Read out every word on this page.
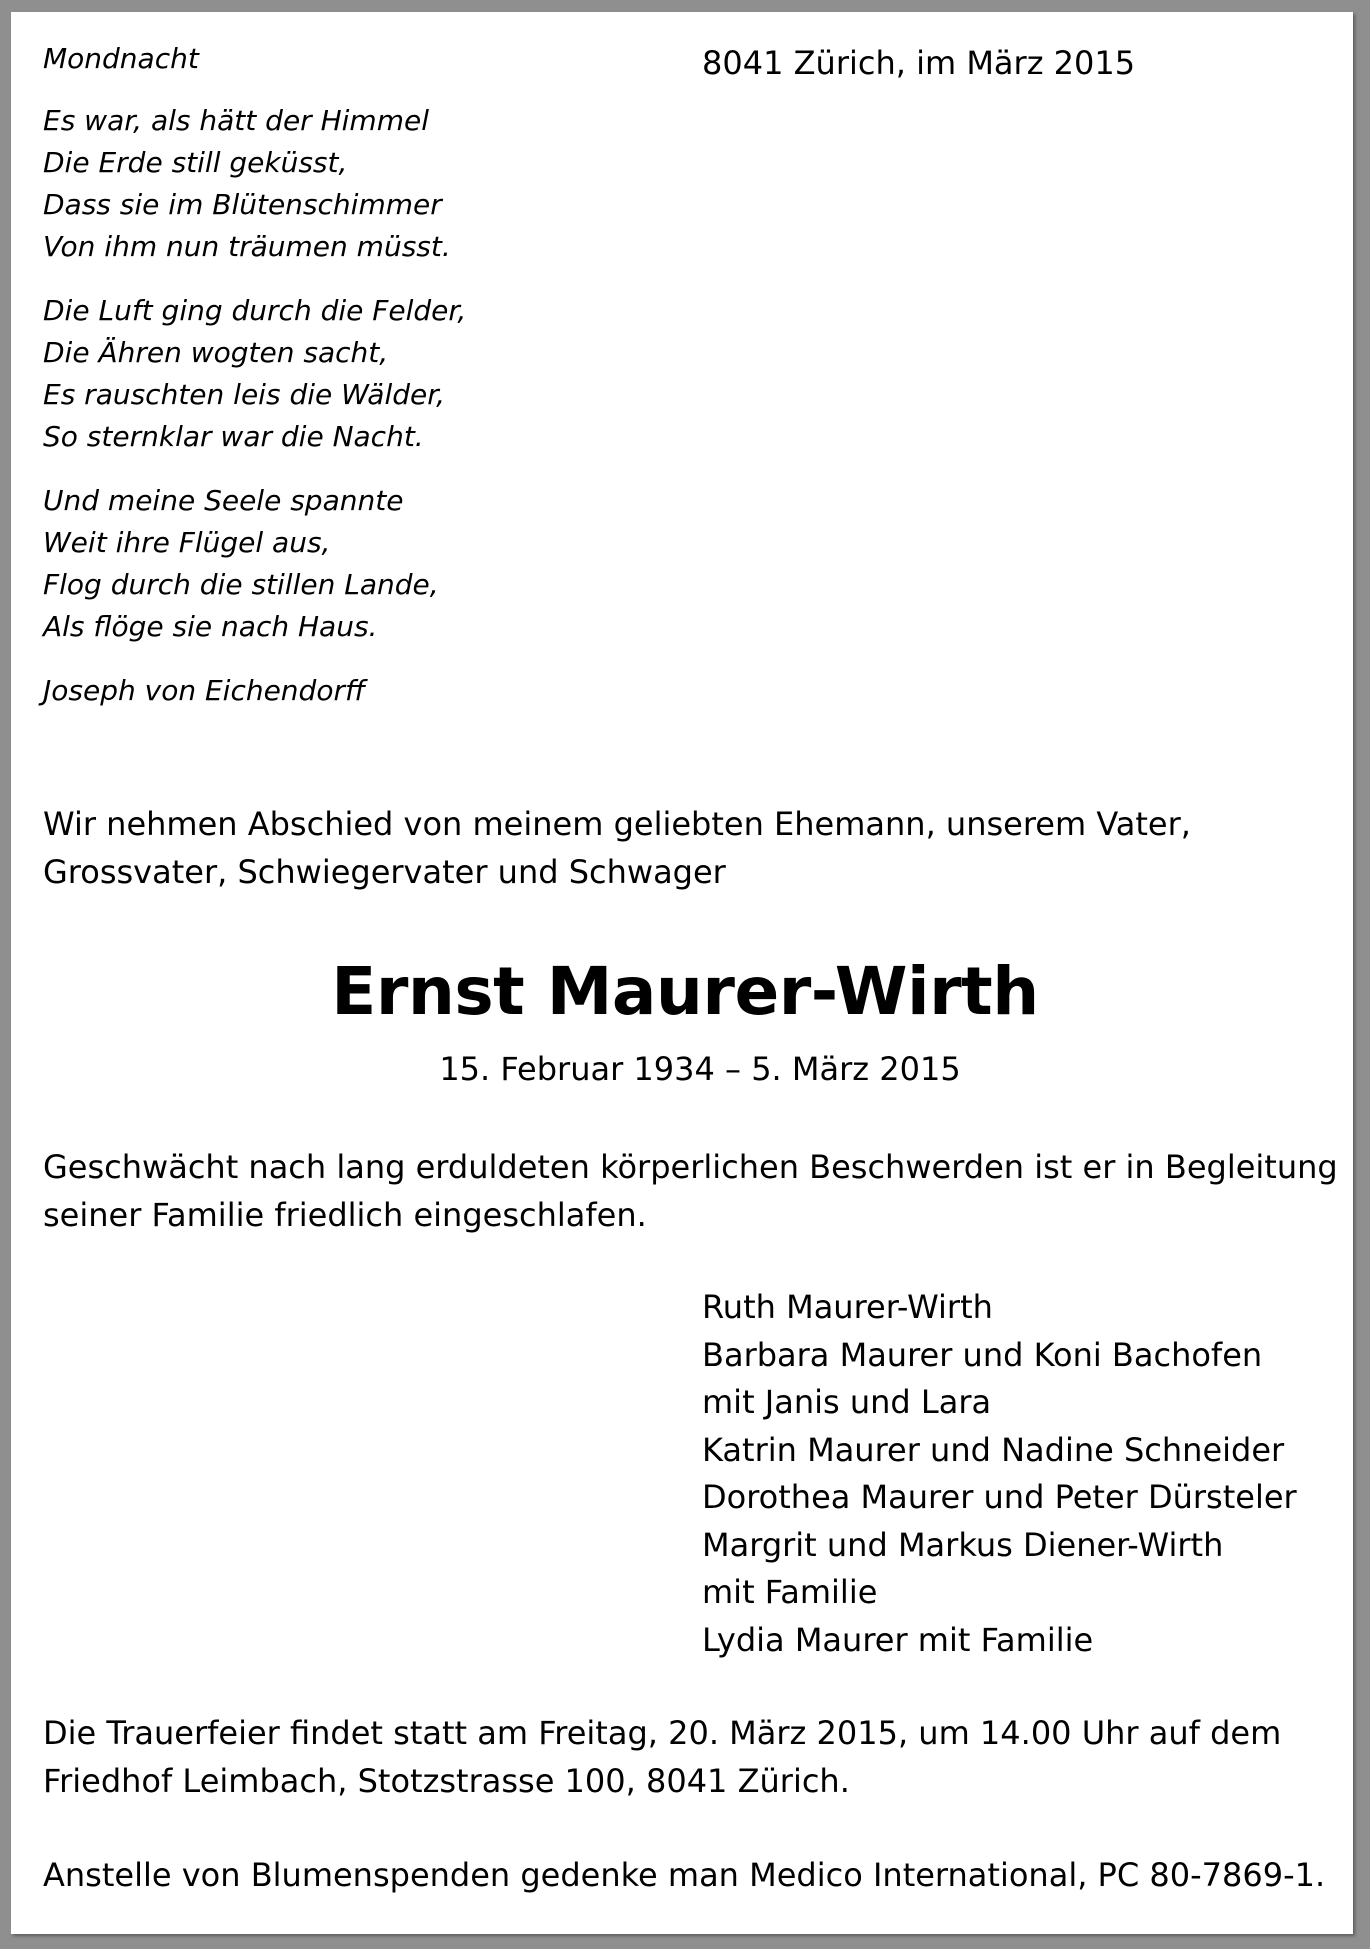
Mondnacht
Es war, als hätt der Himmel
Die Erde still geküsst,
Dass sie im Blütenschimmer
Von ihm nun träumen müsst.
Die Luft ging durch die Felder,
Die Ähren wogten sacht,
Es rauschten leis die Wälder,
So sternklar war die Nacht.
Und meine Seele spannte
Weit ihre Flügel aus,
Flog durch die stillen Lande,
Als flöge sie nach Haus.
Joseph von Eichendorff
8041 Zürich, im März 2015
Wir nehmen Abschied von meinem geliebten Ehemann, unserem Vater,
Grossvater, Schwiegervater und Schwager
Ernst Maurer-Wirth
15. Februar 1934 – 5. März 2015
Geschwächt nach lang erduldeten körperlichen Beschwerden ist er in Begleitung
seiner Familie friedlich eingeschlafen.
Ruth Maurer-Wirth
Barbara Maurer und Koni Bachofen
mit Janis und Lara
Katrin Maurer und Nadine Schneider
Dorothea Maurer und Peter Dürsteler
Margrit und Markus Diener-Wirth
mit Familie
Lydia Maurer mit Familie
Die Trauerfeier findet statt am Freitag, 20. März 2015, um 14.00 Uhr auf dem
Friedhof Leimbach, Stotzstrasse 100, 8041 Zürich.
Anstelle von Blumenspenden gedenke man Medico International, PC 80-7869-1.
